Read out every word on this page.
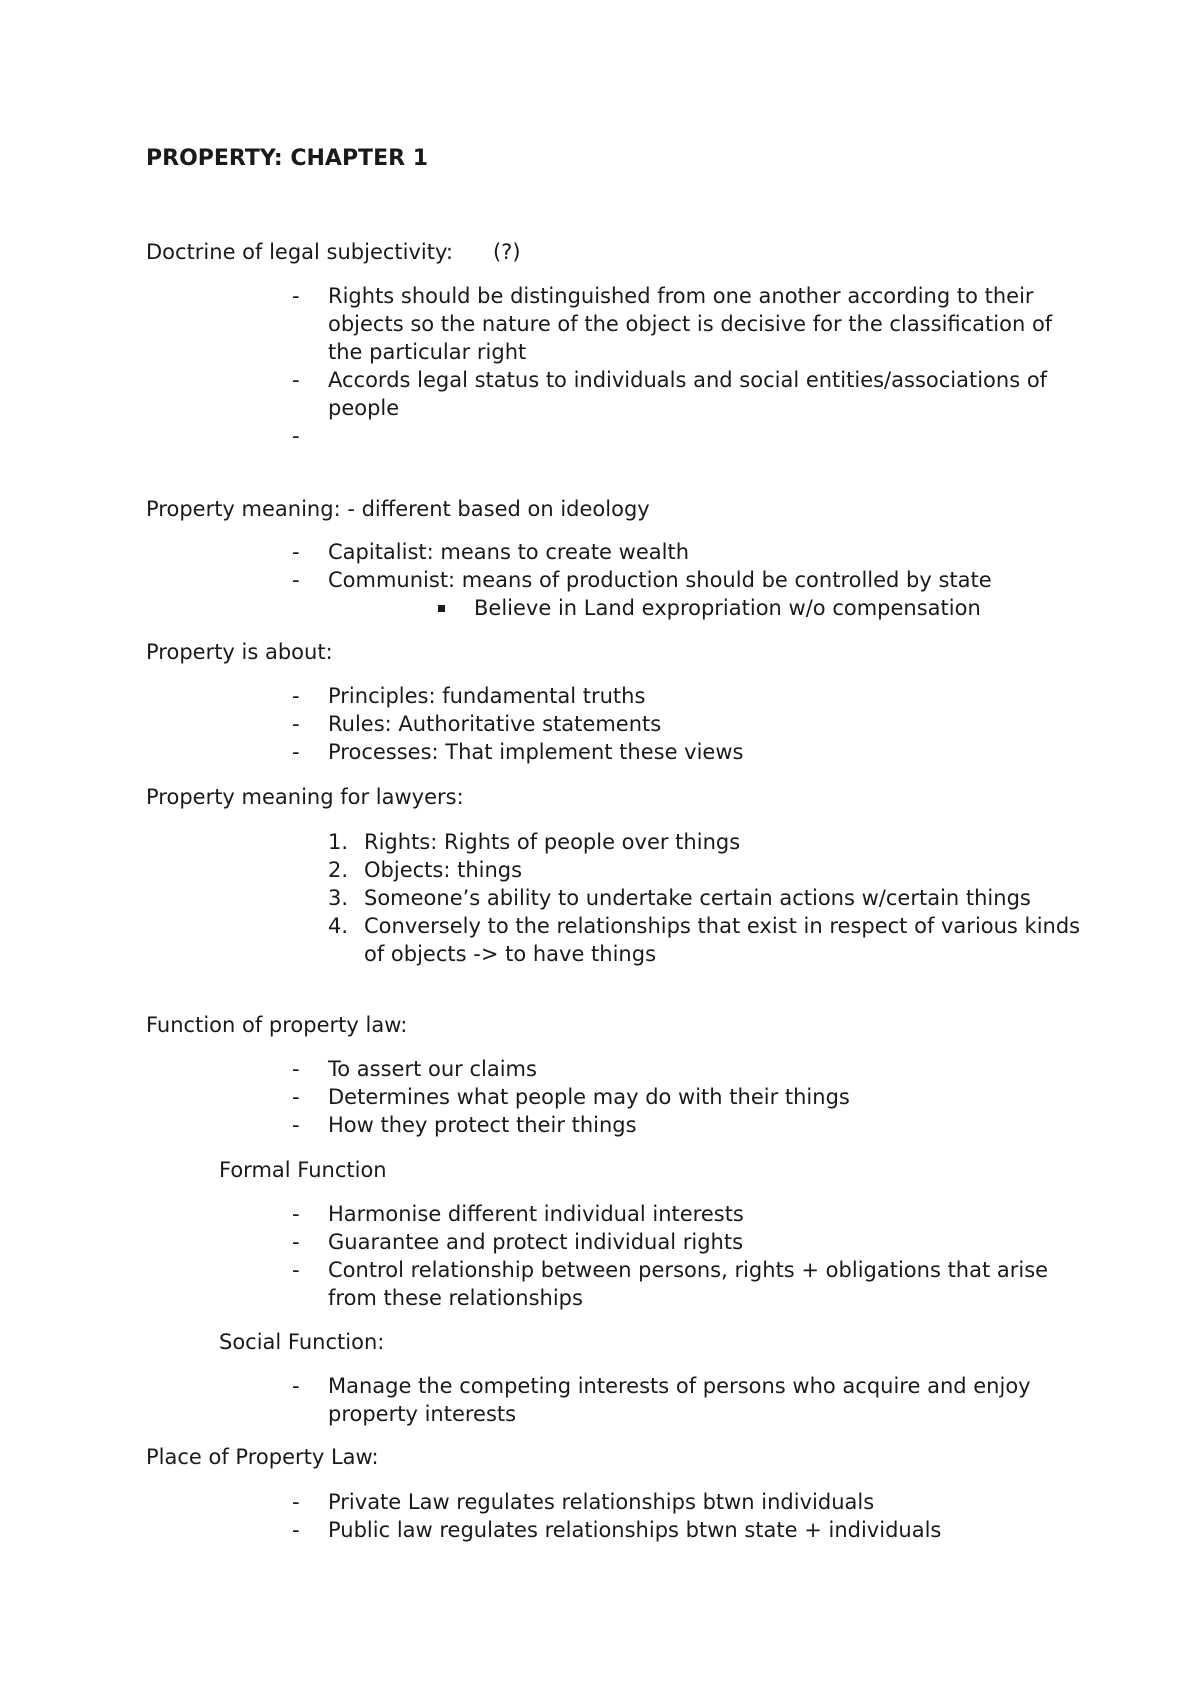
PROPERTY: CHAPTER 1

Doctrine of legal subjectivity: (?)

- Rights should be distinguished from one another according to their objects so the nature of the object is decisive for the classification of the particular right
- Accords legal status to individuals and social entities/associations of people
-

Property meaning: - different based on ideology

- Capitalist: means to create wealth
- Communist: means of production should be controlled by state
Believe in Land expropriation w/o compensation

Property is about:

- Principles: fundamental truths
- Rules: Authoritative statements
- Processes: That implement these views

Property meaning for lawyers:

1. Rights: Rights of people over things
2. Objects: things
3. Someone’s ability to undertake certain actions w/certain things
4. Conversely to the relationships that exist in respect of various kinds of objects -> to have things

Function of property law:

- To assert our claims
- Determines what people may do with their things
- How they protect their things

Formal Function

- Harmonise different individual interests
- Guarantee and protect individual rights
- Control relationship between persons, rights + obligations that arise from these relationships

Social Function:

- Manage the competing interests of persons who acquire and enjoy property interests

Place of Property Law:

- Private Law regulates relationships btwn individuals
- Public law regulates relationships btwn state + individuals
